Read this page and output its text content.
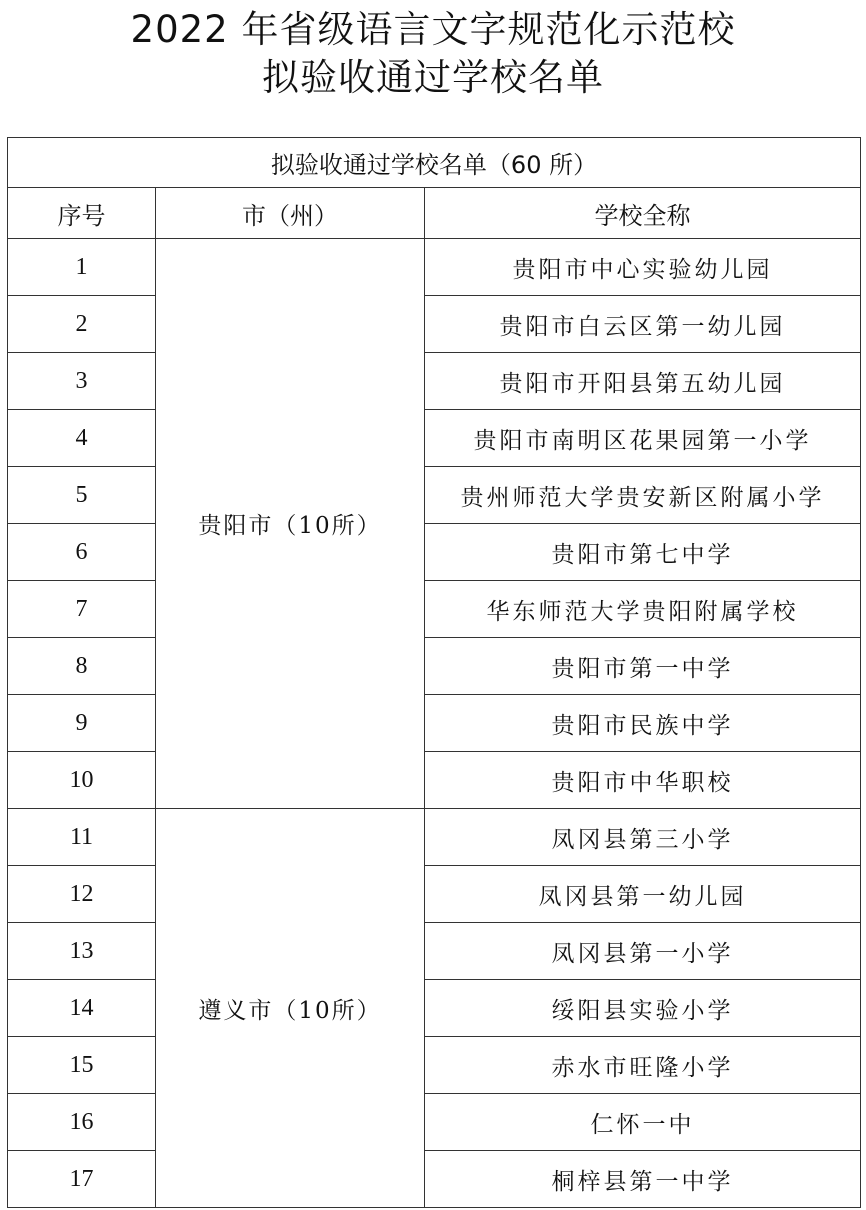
2022 年省级语言文字规范化示范校
拟验收通过学校名单
拟验收通过学校名单（60 所）		
序号	市（州）	学校全称
1	贵阳市（10所）	贵阳市中心实验幼儿园
2		贵阳市白云区第一幼儿园
3		贵阳市开阳县第五幼儿园
4		贵阳市南明区花果园第一小学
5		贵州师范大学贵安新区附属小学
6		贵阳市第七中学
7		华东师范大学贵阳附属学校
8		贵阳市第一中学
9		贵阳市民族中学
10		贵阳市中华职校
11	遵义市（10所）	凤冈县第三小学
12		凤冈县第一幼儿园
13		凤冈县第一小学
14		绥阳县实验小学
15		赤水市旺隆小学
16		仁怀一中
17		桐梓县第一中学
